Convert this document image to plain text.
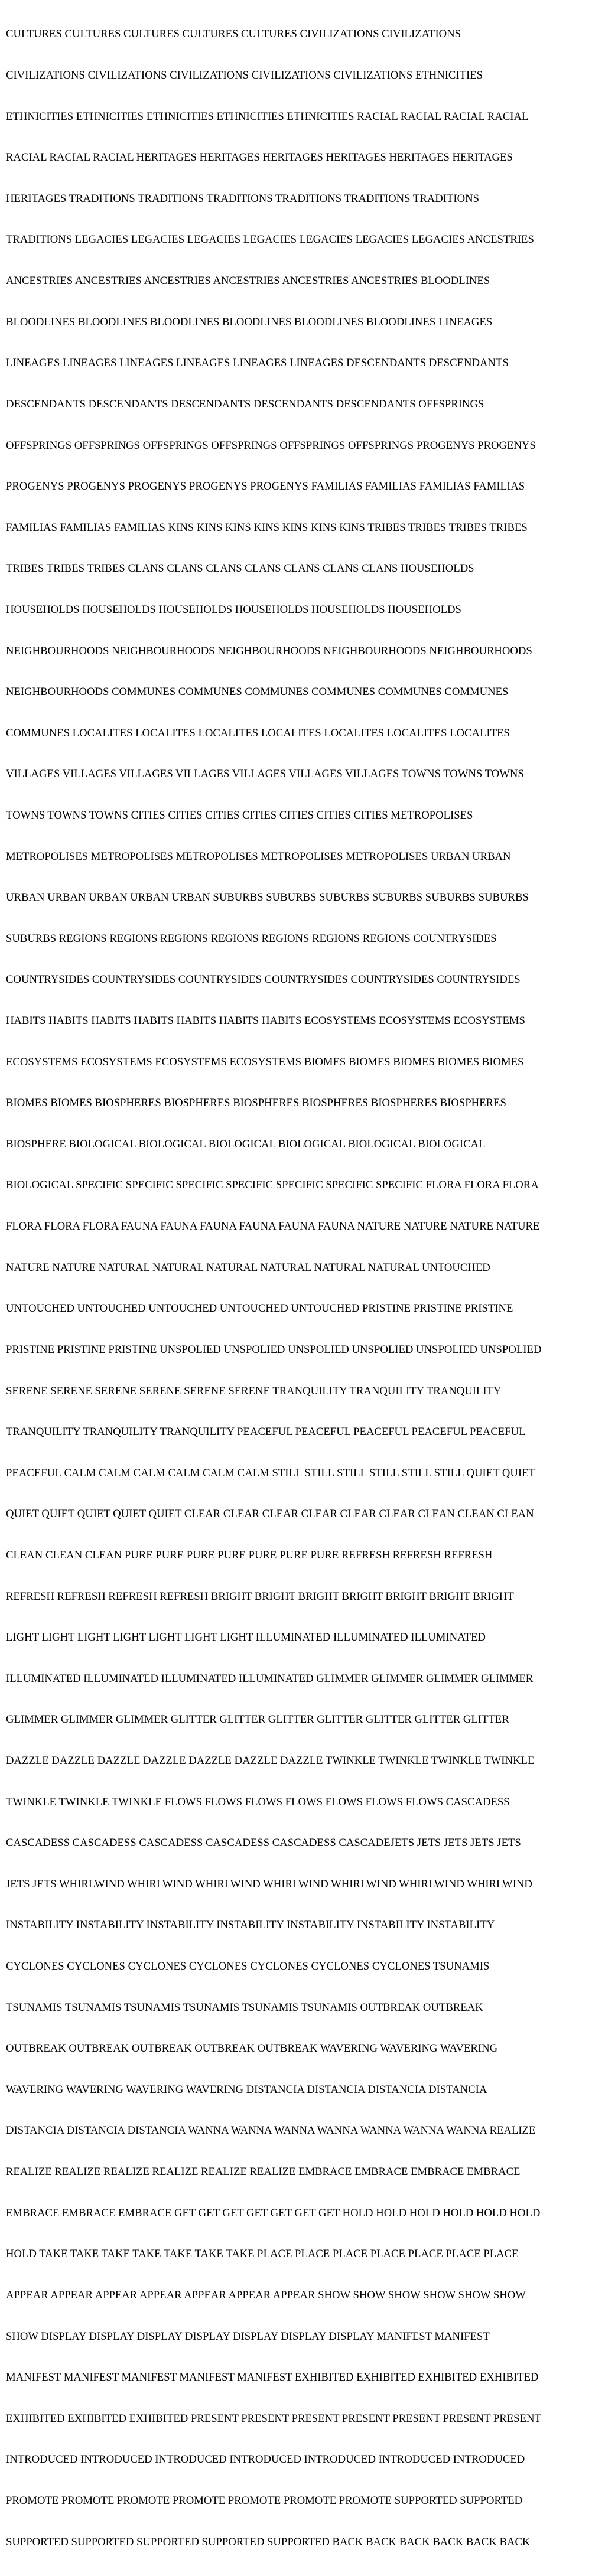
CULTURES CULTURES CULTURES CULTURES CULTURES CIVILIZATIONS CIVILIZATIONS

CIVILIZATIONS CIVILIZATIONS CIVILIZATIONS CIVILIZATIONS CIVILIZATIONS ETHNICITIES

ETHNICITIES ETHNICITIES ETHNICITIES ETHNICITIES ETHNICITIES RACIAL RACIAL RACIAL RACIAL

RACIAL RACIAL RACIAL HERITAGES HERITAGES HERITAGES HERITAGES HERITAGES HERITAGES

HERITAGES TRADITIONS TRADITIONS TRADITIONS TRADITIONS TRADITIONS TRADITIONS

TRADITIONS LEGACIES LEGACIES LEGACIES LEGACIES LEGACIES LEGACIES LEGACIES ANCESTRIES

ANCESTRIES ANCESTRIES ANCESTRIES ANCESTRIES ANCESTRIES ANCESTRIES BLOODLINES

BLOODLINES BLOODLINES BLOODLINES BLOODLINES BLOODLINES BLOODLINES LINEAGES

LINEAGES LINEAGES LINEAGES LINEAGES LINEAGES LINEAGES DESCENDANTS DESCENDANTS

DESCENDANTS DESCENDANTS DESCENDANTS DESCENDANTS DESCENDANTS OFFSPRINGS

OFFSPRINGS OFFSPRINGS OFFSPRINGS OFFSPRINGS OFFSPRINGS OFFSPRINGS PROGENYS PROGENYS

PROGENYS PROGENYS PROGENYS PROGENYS PROGENYS FAMILIAS FAMILIAS FAMILIAS FAMILIAS

FAMILIAS FAMILIAS FAMILIAS KINS KINS KINS KINS KINS KINS KINS TRIBES TRIBES TRIBES TRIBES

TRIBES TRIBES TRIBES CLANS CLANS CLANS CLANS CLANS CLANS CLANS HOUSEHOLDS

HOUSEHOLDS HOUSEHOLDS HOUSEHOLDS HOUSEHOLDS HOUSEHOLDS HOUSEHOLDS

NEIGHBOURHOODS NEIGHBOURHOODS NEIGHBOURHOODS NEIGHBOURHOODS NEIGHBOURHOODS

NEIGHBOURHOODS COMMUNES COMMUNES COMMUNES COMMUNES COMMUNES COMMUNES

COMMUNES LOCALITES LOCALITES LOCALITES LOCALITES LOCALITES LOCALITES LOCALITES

VILLAGES VILLAGES VILLAGES VILLAGES VILLAGES VILLAGES VILLAGES TOWNS TOWNS TOWNS

TOWNS TOWNS TOWNS CITIES CITIES CITIES CITIES CITIES CITIES CITIES METROPOLISES

METROPOLISES METROPOLISES METROPOLISES METROPOLISES METROPOLISES URBAN URBAN

URBAN URBAN URBAN URBAN URBAN SUBURBS SUBURBS SUBURBS SUBURBS SUBURBS SUBURBS

SUBURBS REGIONS REGIONS REGIONS REGIONS REGIONS REGIONS REGIONS COUNTRYSIDES

COUNTRYSIDES COUNTRYSIDES COUNTRYSIDES COUNTRYSIDES COUNTRYSIDES COUNTRYSIDES

HABITS HABITS HABITS HABITS HABITS HABITS HABITS ECOSYSTEMS ECOSYSTEMS ECOSYSTEMS

ECOSYSTEMS ECOSYSTEMS ECOSYSTEMS ECOSYSTEMS BIOMES BIOMES BIOMES BIOMES BIOMES

BIOMES BIOMES BIOSPHERES BIOSPHERES BIOSPHERES BIOSPHERES BIOSPHERES BIOSPHERES

BIOSPHERE BIOLOGICAL BIOLOGICAL BIOLOGICAL BIOLOGICAL BIOLOGICAL BIOLOGICAL

BIOLOGICAL SPECIFIC SPECIFIC SPECIFIC SPECIFIC SPECIFIC SPECIFIC SPECIFIC FLORA FLORA FLORA

FLORA FLORA FLORA FAUNA FAUNA FAUNA FAUNA FAUNA FAUNA NATURE NATURE NATURE NATURE

NATURE NATURE NATURAL NATURAL NATURAL NATURAL NATURAL NATURAL UNTOUCHED

UNTOUCHED UNTOUCHED UNTOUCHED UNTOUCHED UNTOUCHED PRISTINE PRISTINE PRISTINE

PRISTINE PRISTINE PRISTINE UNSPOLIED UNSPOLIED UNSPOLIED UNSPOLIED UNSPOLIED UNSPOLIED

SERENE SERENE SERENE SERENE SERENE SERENE TRANQUILITY TRANQUILITY TRANQUILITY

TRANQUILITY TRANQUILITY TRANQUILITY PEACEFUL PEACEFUL PEACEFUL PEACEFUL PEACEFUL

PEACEFUL CALM CALM CALM CALM CALM CALM STILL STILL STILL STILL STILL STILL QUIET QUIET

QUIET QUIET QUIET QUIET QUIET CLEAR CLEAR CLEAR CLEAR CLEAR CLEAR CLEAN CLEAN CLEAN

CLEAN CLEAN CLEAN PURE PURE PURE PURE PURE PURE PURE REFRESH REFRESH REFRESH

REFRESH REFRESH REFRESH REFRESH BRIGHT BRIGHT BRIGHT BRIGHT BRIGHT BRIGHT BRIGHT

LIGHT LIGHT LIGHT LIGHT LIGHT LIGHT LIGHT ILLUMINATED ILLUMINATED ILLUMINATED

ILLUMINATED ILLUMINATED ILLUMINATED ILLUMINATED GLIMMER GLIMMER GLIMMER GLIMMER

GLIMMER GLIMMER GLIMMER GLITTER GLITTER GLITTER GLITTER GLITTER GLITTER GLITTER

DAZZLE DAZZLE DAZZLE DAZZLE DAZZLE DAZZLE DAZZLE TWINKLE TWINKLE TWINKLE TWINKLE

TWINKLE TWINKLE TWINKLE FLOWS FLOWS FLOWS FLOWS FLOWS FLOWS FLOWS CASCADESS

CASCADESS CASCADESS CASCADESS CASCADESS CASCADESS CASCADEJETS JETS JETS JETS JETS

JETS JETS WHIRLWIND WHIRLWIND WHIRLWIND WHIRLWIND WHIRLWIND WHIRLWIND WHIRLWIND

INSTABILITY INSTABILITY INSTABILITY INSTABILITY INSTABILITY INSTABILITY INSTABILITY

CYCLONES CYCLONES CYCLONES CYCLONES CYCLONES CYCLONES CYCLONES TSUNAMIS

TSUNAMIS TSUNAMIS TSUNAMIS TSUNAMIS TSUNAMIS TSUNAMIS OUTBREAK OUTBREAK

OUTBREAK OUTBREAK OUTBREAK OUTBREAK OUTBREAK WAVERING WAVERING WAVERING

WAVERING WAVERING WAVERING WAVERING DISTANCIA DISTANCIA DISTANCIA DISTANCIA

DISTANCIA DISTANCIA DISTANCIA WANNA WANNA WANNA WANNA WANNA WANNA WANNA REALIZE

REALIZE REALIZE REALIZE REALIZE REALIZE REALIZE EMBRACE EMBRACE EMBRACE EMBRACE

EMBRACE EMBRACE EMBRACE GET GET GET GET GET GET GET HOLD HOLD HOLD HOLD HOLD HOLD

HOLD TAKE TAKE TAKE TAKE TAKE TAKE TAKE PLACE PLACE PLACE PLACE PLACE PLACE PLACE

APPEAR APPEAR APPEAR APPEAR APPEAR APPEAR APPEAR SHOW SHOW SHOW SHOW SHOW SHOW

SHOW DISPLAY DISPLAY DISPLAY DISPLAY DISPLAY DISPLAY DISPLAY MANIFEST MANIFEST

MANIFEST MANIFEST MANIFEST MANIFEST MANIFEST EXHIBITED EXHIBITED EXHIBITED EXHIBITED

EXHIBITED EXHIBITED EXHIBITED PRESENT PRESENT PRESENT PRESENT PRESENT PRESENT PRESENT

INTRODUCED INTRODUCED INTRODUCED INTRODUCED INTRODUCED INTRODUCED INTRODUCED

PROMOTE PROMOTE PROMOTE PROMOTE PROMOTE PROMOTE PROMOTE SUPPORTED SUPPORTED

SUPPORTED SUPPORTED SUPPORTED SUPPORTED SUPPORTED BACK BACK BACK BACK BACK BACK
